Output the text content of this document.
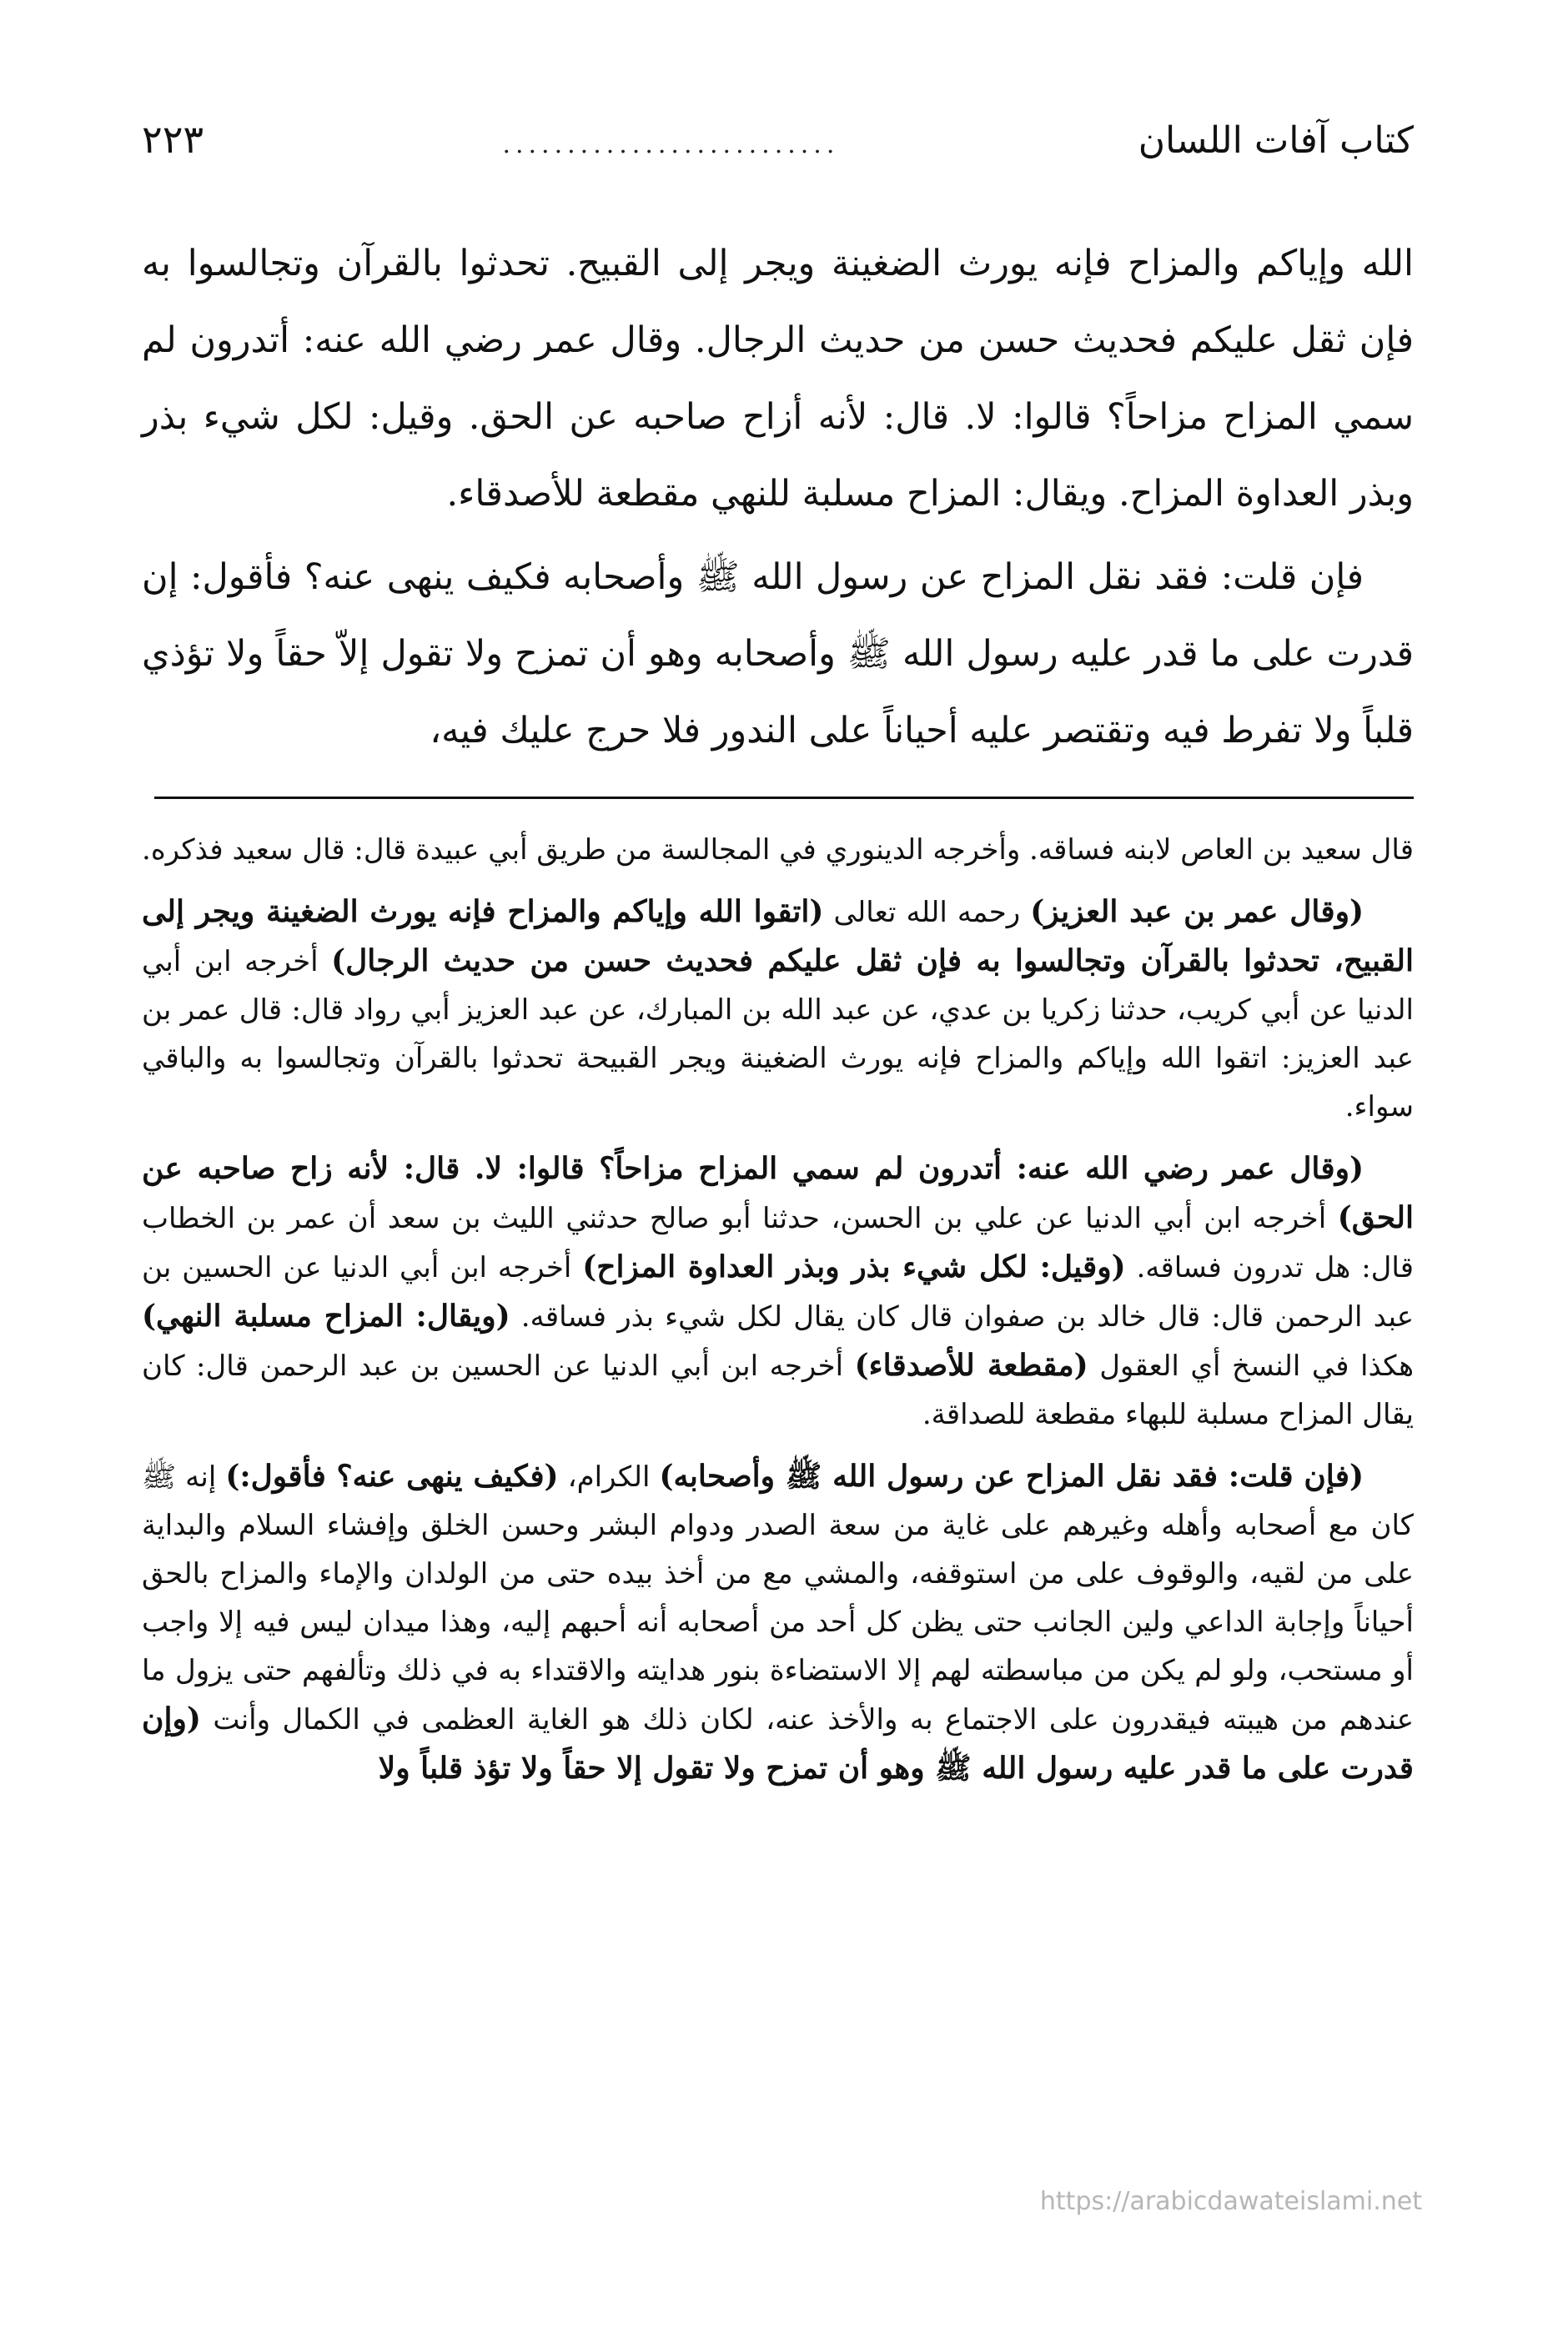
كتاب آفات اللسان
..........................
٢٢٣

الله وإياكم والمزاح فإنه يورث الضغينة ويجر إلى القبيح. تحدثوا بالقرآن وتجالسوا به فإن ثقل عليكم فحديث حسن من حديث الرجال. وقال عمر رضي الله عنه: أتدرون لم سمي المزاح مزاحاً؟ قالوا: لا. قال: لأنه أزاح صاحبه عن الحق. وقيل: لكل شيء بذر وبذر العداوة المزاح. ويقال: المزاح مسلبة للنهي مقطعة للأصدقاء.

فإن قلت: فقد نقل المزاح عن رسول الله ﷺ وأصحابه فكيف ينهى عنه؟ فأقول: إن قدرت على ما قدر عليه رسول الله ﷺ وأصحابه وهو أن تمزح ولا تقول إلاّ حقاً ولا تؤذي قلباً ولا تفرط فيه وتقتصر عليه أحياناً على الندور فلا حرج عليك فيه،

قال سعيد بن العاص لابنه فساقه. وأخرجه الدينوري في المجالسة من طريق أبي عبيدة قال: قال سعيد فذكره.

(وقال عمر بن عبد العزيز) رحمه الله تعالى (اتقوا الله وإياكم والمزاح فإنه يورث الضغينة ويجر إلى القبيح، تحدثوا بالقرآن وتجالسوا به فإن ثقل عليكم فحديث حسن من حديث الرجال) أخرجه ابن أبي الدنيا عن أبي كريب، حدثنا زكريا بن عدي، عن عبد الله بن المبارك، عن عبد العزيز أبي رواد قال: قال عمر بن عبد العزيز: اتقوا الله وإياكم والمزاح فإنه يورث الضغينة ويجر القبيحة تحدثوا بالقرآن وتجالسوا به والباقي سواء.

(وقال عمر رضي الله عنه: أتدرون لم سمي المزاح مزاحاً؟ قالوا: لا. قال: لأنه زاح صاحبه عن الحق) أخرجه ابن أبي الدنيا عن علي بن الحسن، حدثنا أبو صالح حدثني الليث بن سعد أن عمر بن الخطاب قال: هل تدرون فساقه. (وقيل: لكل شيء بذر وبذر العداوة المزاح) أخرجه ابن أبي الدنيا عن الحسين بن عبد الرحمن قال: قال خالد بن صفوان قال كان يقال لكل شيء بذر فساقه. (ويقال: المزاح مسلبة النهي) هكذا في النسخ أي العقول (مقطعة للأصدقاء) أخرجه ابن أبي الدنيا عن الحسين بن عبد الرحمن قال: كان يقال المزاح مسلبة للبهاء مقطعة للصداقة.

(فإن قلت: فقد نقل المزاح عن رسول الله ﷺ وأصحابه) الكرام، (فكيف ينهى عنه؟ فأقول:) إنه ﷺ كان مع أصحابه وأهله وغيرهم على غاية من سعة الصدر ودوام البشر وحسن الخلق وإفشاء السلام والبداية على من لقيه، والوقوف على من استوقفه، والمشي مع من أخذ بيده حتى من الولدان والإماء والمزاح بالحق أحياناً وإجابة الداعي ولين الجانب حتى يظن كل أحد من أصحابه أنه أحبهم إليه، وهذا ميدان ليس فيه إلا واجب أو مستحب، ولو لم يكن من مباسطته لهم إلا الاستضاءة بنور هدايته والاقتداء به في ذلك وتألفهم حتى يزول ما عندهم من هيبته فيقدرون على الاجتماع به والأخذ عنه، لكان ذلك هو الغاية العظمى في الكمال وأنت (وإن قدرت على ما قدر عليه رسول الله ﷺ وهو أن تمزح ولا تقول إلا حقاً ولا تؤذ قلباً ولا

https://arabicdawateislami.net
